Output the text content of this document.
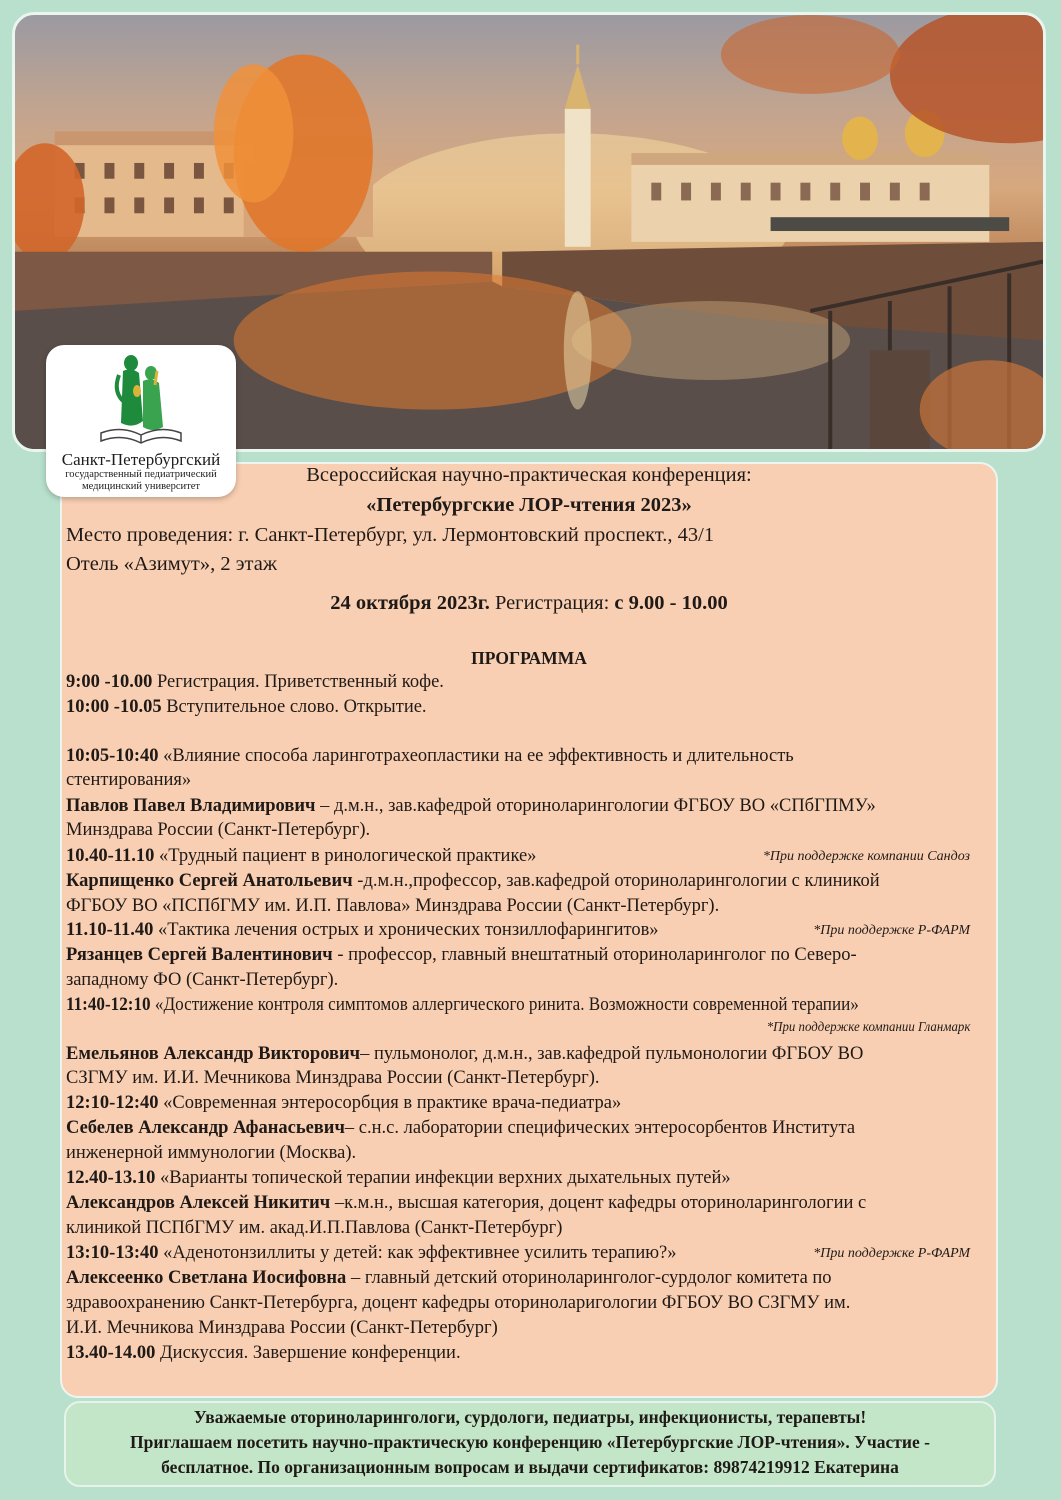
Санкт-Петербургский
государственный педиатрический
медицинский университет	Всероссийская научно-практическая конференция:
«Петербургские ЛОР-чтения 2023»
Место проведения: г. Санкт-Петербург, ул. Лермонтовский проспект., 43/1
Отель «Азимут», 2 этаж
24 октября 2023г. Регистрация: с 9.00 - 10.00
ПРОГРАММА
9:00 -10.00 Регистрация. Приветственный кофе.
10:00 -10.05 Вступительное слово. Открытие.
10:05-10:40 «Влияние способа ларинготрахеопластики на ее эффективность и длительность
стентирования»
Павлов Павел Владимирович – д.м.н., зав.кафедрой оториноларингологии ФГБОУ ВО «СПбГПМУ»
Минздрава России (Санкт-Петербург).
10.40-11.10 «Трудный пациент в ринологической практике»	*При поддержке компании Сандоз
Карпищенко Сергей Анатольевич -д.м.н.,профессор, зав.кафедрой оториноларингологии с клиникой
ФГБОУ ВО «ПСПбГМУ им. И.П. Павлова» Минздрава России (Санкт-Петербург).
11.10-11.40 «Тактика лечения острых и хронических тонзиллофарингитов»	*При поддержке Р-ФАРМ
Рязанцев Сергей Валентинович - профессор, главный внештатный оториноларинголог по Северо-
западному ФО (Санкт-Петербург).
11:40-12:10 «Достижение контроля симптомов аллергического ринита. Возможности современной терапии»
*При поддержке компании Гланмарк
Емельянов Александр Викторович– пульмонолог, д.м.н., зав.кафедрой пульмонологии ФГБОУ ВО
СЗГМУ им. И.И. Мечникова Минздрава России (Санкт-Петербург).
12:10-12:40 «Современная энтеросорбция в практике врача-педиатра»
Себелев Александр Афанасьевич– с.н.с. лаборатории специфических энтеросорбентов Института
инженерной иммунологии (Москва).
12.40-13.10 «Варианты топической терапии инфекции верхних дыхательных путей»
Александров Алексей Никитич –к.м.н., высшая категория, доцент кафедры оториноларингологии с
клиникой ПСПбГМУ им. акад.И.П.Павлова (Санкт-Петербург)
13:10-13:40 «Аденотонзиллиты у детей: как эффективнее усилить терапию?»	*При поддержке Р-ФАРМ
Алексеенко Светлана Иосифовна – главный детский оториноларинголог-сурдолог комитета по
здравоохранению Санкт-Петербурга, доцент кафедры оториноларигологии ФГБОУ ВО СЗГМУ им.
И.И. Мечникова Минздрава России (Санкт-Петербург)
13.40-14.00 Дискуссия. Завершение конференции.
Уважаемые оториноларингологи, сурдологи, педиатры, инфекционисты, терапевты!
Приглашаем посетить научно-практическую конференцию «Петербургские ЛОР-чтения». Участие -
бесплатное. По организационным вопросам и выдачи сертификатов: 89874219912 Екатерина
